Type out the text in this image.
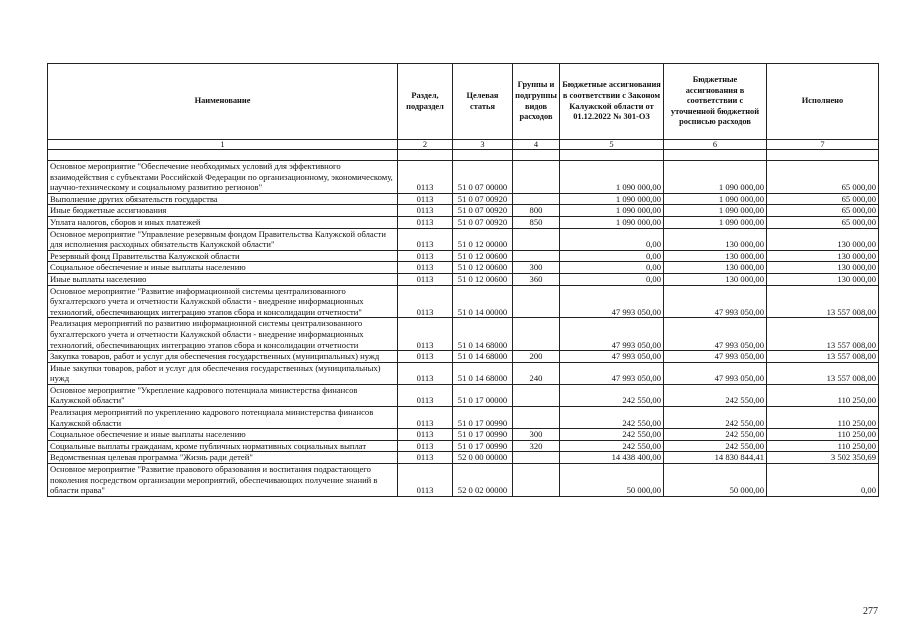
Наименование	Раздел, подраздел	Целевая статья	Группы и подгруппы видов расходов	Бюджетные ассигнования в соответствии с Законом Калужской области от 01.12.2022 № 301-ОЗ	Бюджетные ассигнования в соответствии с уточненной бюджетной росписью расходов	Исполнено
1	2	3	4	5	6	7

Основное мероприятие "Обеспечение необходимых условий для эффективного взаимодействия с субъектами Российской Федерации по организационному, экономическому, научно-техническому и социальному развитию регионов"	0113	51 0 07 00000		1 090 000,00	1 090 000,00	65 000,00
Выполнение других обязательств государства	0113	51 0 07 00920		1 090 000,00	1 090 000,00	65 000,00
Иные бюджетные ассигнования	0113	51 0 07 00920	800	1 090 000,00	1 090 000,00	65 000,00
Уплата налогов, сборов и иных платежей	0113	51 0 07 00920	850	1 090 000,00	1 090 000,00	65 000,00
Основное мероприятие "Управление резервным фондом Правительства Калужской области для исполнения расходных обязательств Калужской области"	0113	51 0 12 00000		0,00	130 000,00	130 000,00
Резервный фонд Правительства Калужской области	0113	51 0 12 00600		0,00	130 000,00	130 000,00
Социальное обеспечение и иные выплаты населению	0113	51 0 12 00600	300	0,00	130 000,00	130 000,00
Иные выплаты населению	0113	51 0 12 00600	360	0,00	130 000,00	130 000,00
Основное мероприятие "Развитие информационной системы централизованного бухгалтерского учета и отчетности Калужской области - внедрение информационных технологий, обеспечивающих интеграцию этапов сбора и консолидации отчетности"	0113	51 0 14 00000		47 993 050,00	47 993 050,00	13 557 008,00
Реализация мероприятий по развитию информационной системы централизованного бухгалтерского учета и отчетности Калужской области - внедрение информационных технологий, обеспечивающих интеграцию этапов сбора и консолидации отчетности	0113	51 0 14 68000		47 993 050,00	47 993 050,00	13 557 008,00
Закупка товаров, работ и услуг для обеспечения государственных (муниципальных) нужд	0113	51 0 14 68000	200	47 993 050,00	47 993 050,00	13 557 008,00
Иные закупки товаров, работ и услуг для обеспечения государственных (муниципальных) нужд	0113	51 0 14 68000	240	47 993 050,00	47 993 050,00	13 557 008,00
Основное мероприятие "Укрепление кадрового потенциала министерства финансов Калужской области"	0113	51 0 17 00000		242 550,00	242 550,00	110 250,00
Реализация мероприятий по укреплению кадрового потенциала министерства финансов Калужской области	0113	51 0 17 00990		242 550,00	242 550,00	110 250,00
Социальное обеспечение и иные выплаты населению	0113	51 0 17 00990	300	242 550,00	242 550,00	110 250,00
Социальные выплаты гражданам, кроме публичных нормативных социальных выплат	0113	51 0 17 00990	320	242 550,00	242 550,00	110 250,00
Ведомственная целевая программа "Жизнь ради детей"	0113	52 0 00 00000		14 438 400,00	14 830 844,41	3 502 350,69
Основное мероприятие "Развитие правового образования и воспитания подрастающего поколения посредством организации мероприятий, обеспечивающих получение знаний в области права"	0113	52 0 02 00000		50 000,00	50 000,00	0,00
277
